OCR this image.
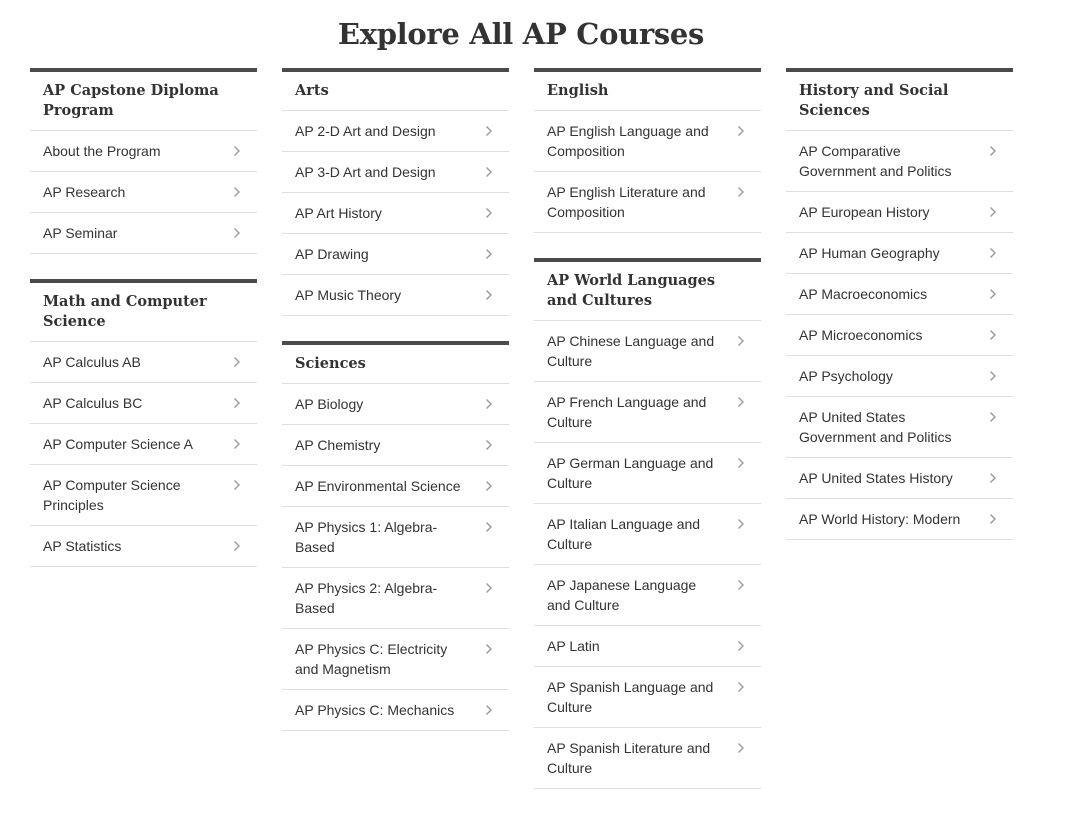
Explore All AP Courses
AP Capstone Diploma Program
About the Program
AP Research
AP Seminar
Math and Computer Science
AP Calculus AB
AP Calculus BC
AP Computer Science A
AP Computer Science Principles
AP Statistics
Arts
AP 2-D Art and Design
AP 3-D Art and Design
AP Art History
AP Drawing
AP Music Theory
Sciences
AP Biology
AP Chemistry
AP Environmental Science
AP Physics 1: Algebra-Based
AP Physics 2: Algebra-Based
AP Physics C: Electricity and Magnetism
AP Physics C: Mechanics
English
AP English Language and Composition
AP English Literature and Composition
AP World Languages and Cultures
AP Chinese Language and Culture
AP French Language and Culture
AP German Language and Culture
AP Italian Language and Culture
AP Japanese Language and Culture
AP Latin
AP Spanish Language and Culture
AP Spanish Literature and Culture
History and Social Sciences
AP Comparative Government and Politics
AP European History
AP Human Geography
AP Macroeconomics
AP Microeconomics
AP Psychology
AP United States Government and Politics
AP United States History
AP World History: Modern
